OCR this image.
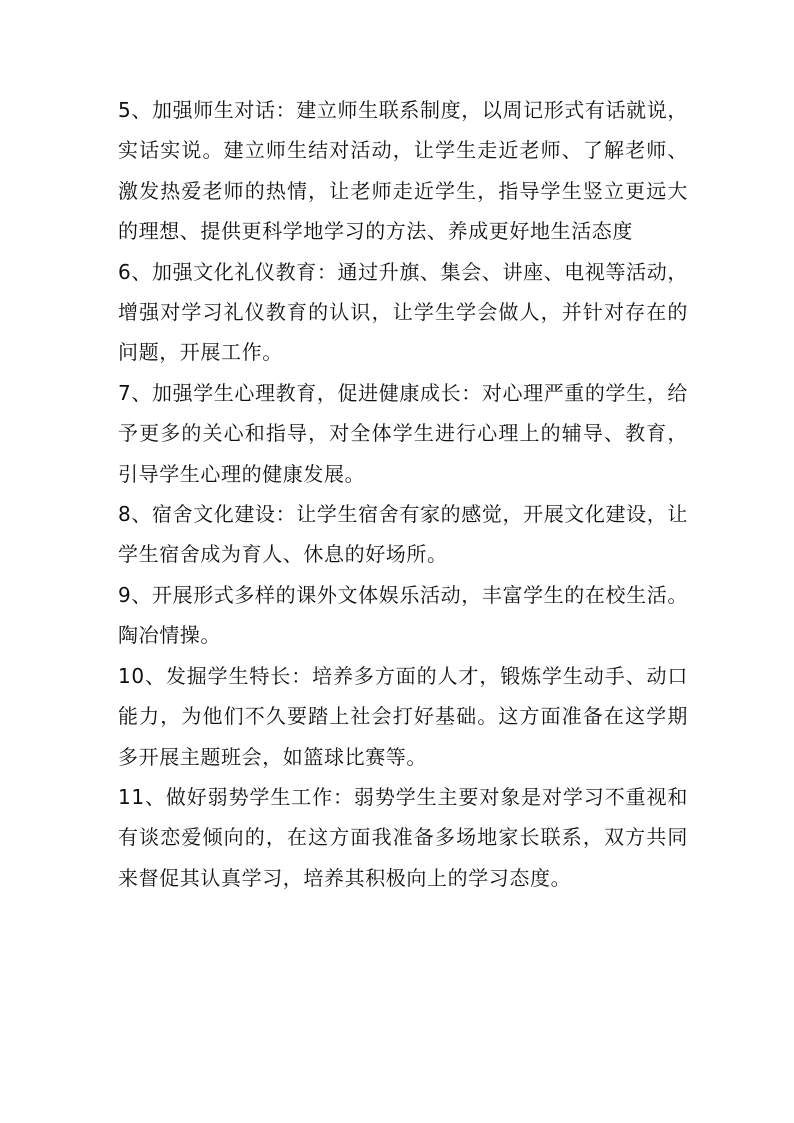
5、加强师生对话：建立师生联系制度，以周记形式有话就说，实话实说。建立师生结对活动，让学生走近老师、了解老师、激发热爱老师的热情，让老师走近学生，指导学生竖立更远大的理想、提供更科学地学习的方法、养成更好地生活态度

6、加强文化礼仪教育：通过升旗、集会、讲座、电视等活动，增强对学习礼仪教育的认识，让学生学会做人，并针对存在的问题，开展工作。

7、加强学生心理教育，促进健康成长：对心理严重的学生，给予更多的关心和指导，对全体学生进行心理上的辅导、教育，引导学生心理的健康发展。

8、宿舍文化建设：让学生宿舍有家的感觉，开展文化建设，让学生宿舍成为育人、休息的好场所。

9、开展形式多样的课外文体娱乐活动，丰富学生的在校生活。陶冶情操。

10、发掘学生特长：培养多方面的人才，锻炼学生动手、动口能力，为他们不久要踏上社会打好基础。这方面准备在这学期多开展主题班会，如篮球比赛等。

11、做好弱势学生工作：弱势学生主要对象是对学习不重视和有谈恋爱倾向的，在这方面我准备多场地家长联系，双方共同来督促其认真学习，培养其积极向上的学习态度。
